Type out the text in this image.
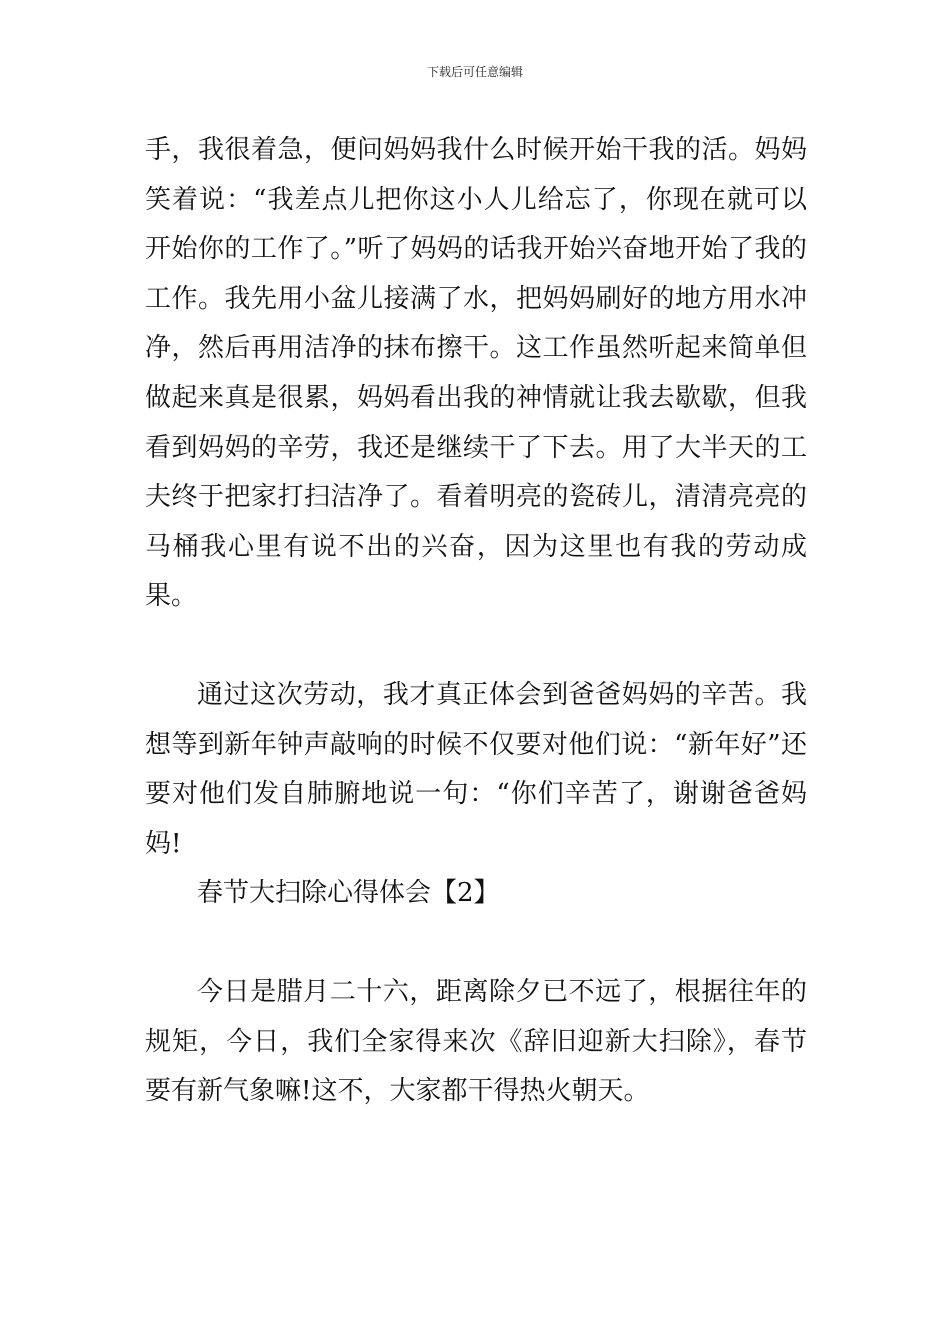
下载后可任意编辑

手，我很着急，便问妈妈我什么时候开始干我的活。妈妈笑着说：“我差点儿把你这小人儿给忘了，你现在就可以开始你的工作了。”听了妈妈的话我开始兴奋地开始了我的工作。我先用小盆儿接满了水，把妈妈刷好的地方用水冲净，然后再用洁净的抹布擦干。这工作虽然听起来简单但做起来真是很累，妈妈看出我的神情就让我去歇歇，但我看到妈妈的辛劳，我还是继续干了下去。用了大半天的工夫终于把家打扫洁净了。看着明亮的瓷砖儿，清清亮亮的马桶我心里有说不出的兴奋，因为这里也有我的劳动成果。

通过这次劳动，我才真正体会到爸爸妈妈的辛苦。我想等到新年钟声敲响的时候不仅要对他们说：“新年好”还要对他们发自肺腑地说一句：“你们辛苦了，谢谢爸爸妈妈!

春节大扫除心得体会【2】

今日是腊月二十六，距离除夕已不远了，根据往年的规矩，今日，我们全家得来次《辞旧迎新大扫除》，春节要有新气象嘛!这不，大家都干得热火朝天。
